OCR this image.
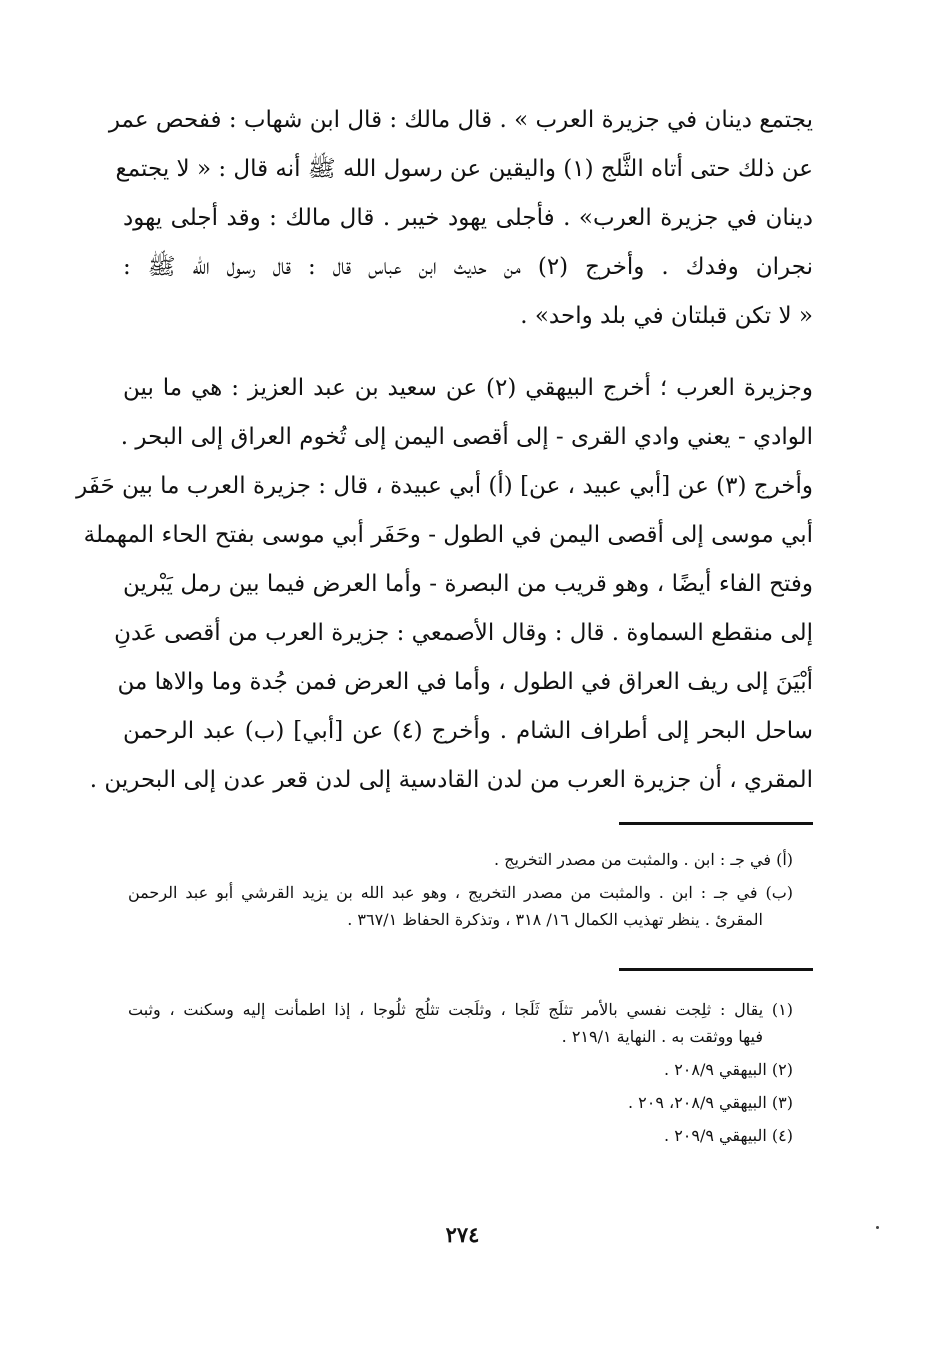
يجتمع دينان في جزيرة العرب » . قال مالك : قال ابن شهاب : ففحص عمر
عن ذلك حتى أتاه الثَّلج (١) واليقين عن رسول الله ﷺ أنه قال : « لا يجتمع
دينان في جزيرة العرب» . فأجلى يهود خيبر . قال مالك : وقد أجلى يهود
نجران وفدك . وأخرج (٢) من حديث ابن عباس قال : قال رسول الله ﷺ :
« لا تكن قبلتان في بلد واحد» .
وجزيرة العرب ؛ أخرج البيهقي (٢) عن سعيد بن عبد العزيز : هي ما بين
الوادي - يعني وادي القرى - إلى أقصى اليمن إلى تُخوم العراق إلى البحر .
وأخرج (٣) عن [أبي عبيد ، عن] (أ) أبي عبيدة ، قال : جزيرة العرب ما بين حَفَر
أبي موسى إلى أقصى اليمن في الطول - وحَفَر أبي موسى بفتح الحاء المهملة
وفتح الفاء أيضًا ، وهو قريب من البصرة - وأما العرض فيما بين رمل يَبْرين
إلى منقطع السماوة . قال : وقال الأصمعي : جزيرة العرب من أقصى عَدنِ
أبْيَنَ إلى ريف العراق في الطول ، وأما في العرض فمن جُدة وما والاها من
ساحل البحر إلى أطراف الشام . وأخرج (٤) عن [أبي] (ب) عبد الرحمن
المقري ، أن جزيرة العرب من لدن القادسية إلى لدن قعر عدن إلى البحرين .
(أ) في جـ : ابن . والمثبت من مصدر التخريج .
(ب) في جـ : ابن . والمثبت من مصدر التخريج ، وهو عبد الله بن يزيد القرشي أبو عبد الرحمن
المقرئ . ينظر تهذيب الكمال ١٦/ ٣١٨ ، وتذكرة الحفاظ ٣٦٧/١ .
(١) يقال : ثلِجت نفسي بالأمر تثلَج ثَلَجا ، وثلَجت تثلُج ثلُوجا ، إذا اطمأنت إليه وسكنت ، وثبت
فيها ووثقت به . النهاية ٢١٩/١ .
(٢) البيهقي ٢٠٨/٩ .
(٣) البيهقي ٢٠٨/٩، ٢٠٩ .
(٤) البيهقي ٢٠٩/٩ .
٢٧٤
